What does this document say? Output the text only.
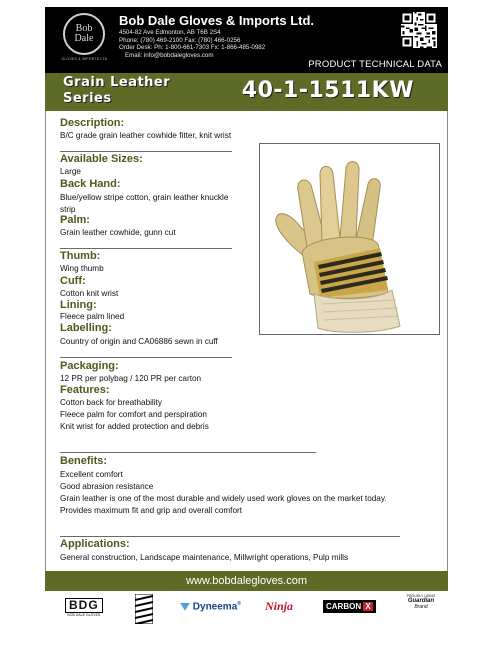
Bob Dale
GLOVES & IMPORTS LTD.
Bob Dale Gloves & Imports Ltd.
4504-82 Ave Edmonton, AB T6B 2S4
Phone: (780) 469-2100 Fax: (780) 466-0256
Order Desk: Ph: 1-800-661-7303 Fx: 1-866-485-0982
Email: info@bobdalegloves.com
PRODUCT TECHNICAL DATA
Grain Leather
Series	40-1-1511KW
Description:
B/C grade grain leather cowhide fitter, knit wrist
Available Sizes:
Large
Back Hand:
Blue/yellow stripe cotton, grain leather knuckle
strip
Palm:
Grain leather cowhide, gunn cut
Thumb:
Wing thumb
Cuff:
Cotton knit wrist
Lining:
Fleece palm lined
Labelling:
Country of origin and CA06886 sewn in cuff
Packaging:
12 PR per polybag / 120 PR per carton
Features:
Cotton back for breathability
Fleece palm for comfort and perspiration
Knit wrist for added protection and debris
Benefits:
Excellent comfort
Good abrasion resistance
Grain leather is one of the most durable and widely used work gloves on the market today.
Provides maximum fit and grip and overall comfort
Applications:
General construction, Landscape maintenance, Millwright operations, Pulp mills
www.bobdalegloves.com
BDG
BOB DALE GLOVES
Dyneema® Ninja	CARBON X
PROUDLY USING
Guardian
Brand
